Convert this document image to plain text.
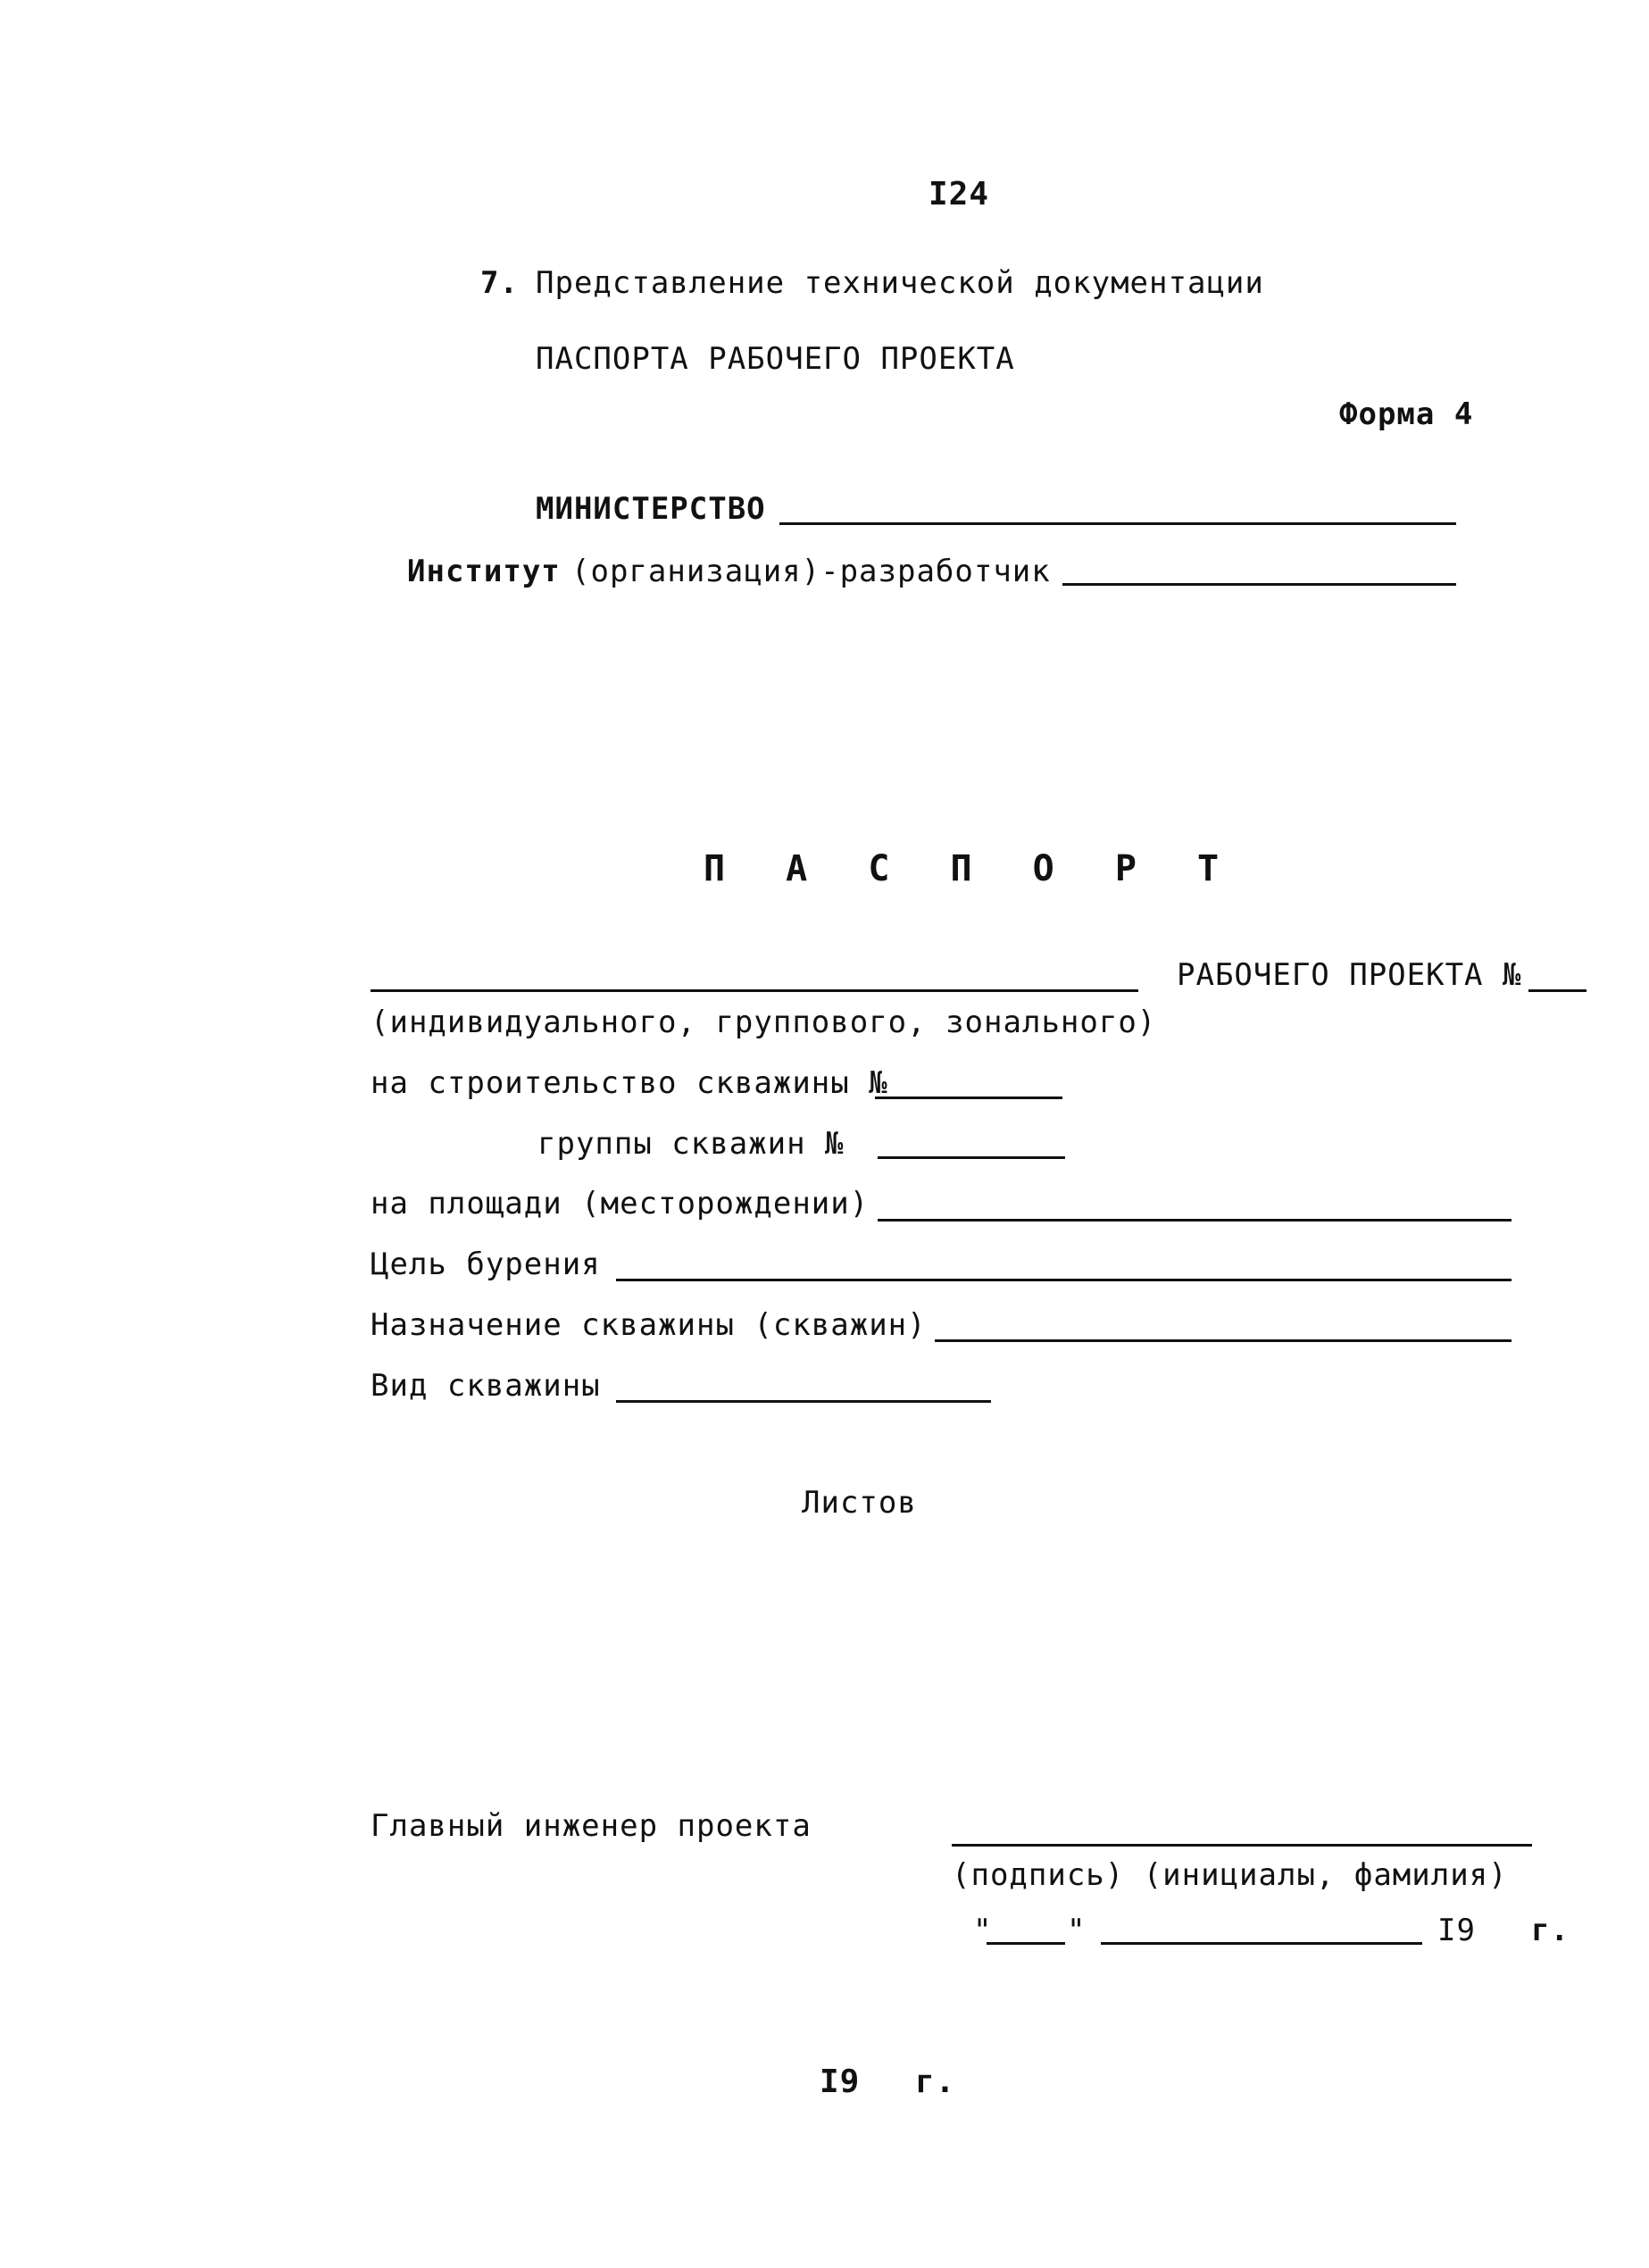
I24
7. Представление технической документации
ПАСПОРТА РАБОЧЕГО ПРОЕКТА
Форма 4
МИНИСТЕРСТВО
Институт (организация)-разработчик
П А С П О Р Т
РАБОЧЕГО ПРОЕКТА №
(индивидуального, группового, зонального)
на строительство скважины №
группы скважин №
на площади (месторождении)
Цель бурения
Назначение скважины (скважин)
Вид скважины
Листов
Главный инженер проекта
(подпись) (инициалы, фамилия)
" "	I9 г.
I9 г.
